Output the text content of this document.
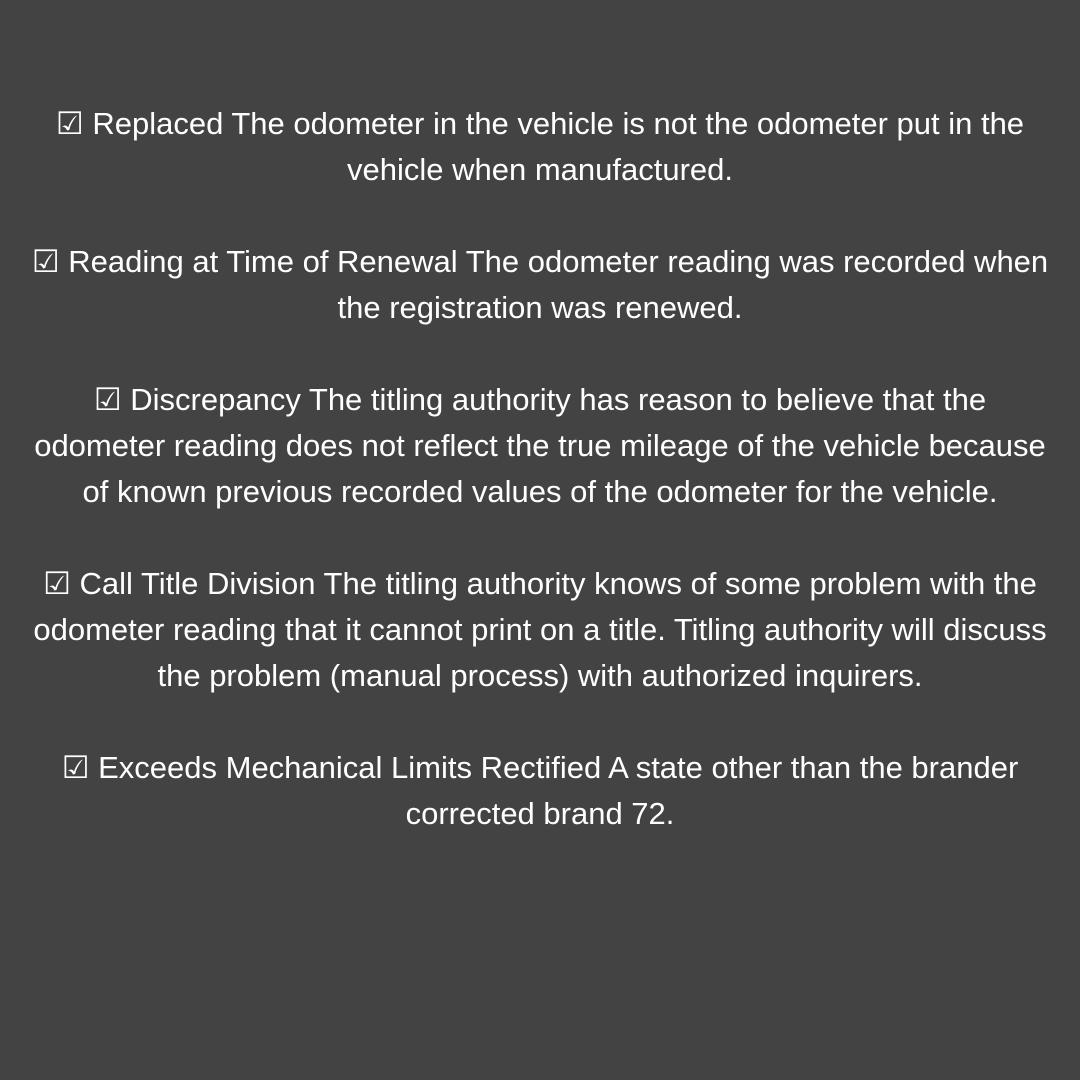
☑ Replaced The odometer in the vehicle is not the odometer put in the vehicle when manufactured.

☑ Reading at Time of Renewal The odometer reading was recorded when the registration was renewed.

☑ Discrepancy The titling authority has reason to believe that the odometer reading does not reflect the true mileage of the vehicle because of known previous recorded values of the odometer for the vehicle.

☑ Call Title Division The titling authority knows of some problem with the odometer reading that it cannot print on a title. Titling authority will discuss the problem (manual process) with authorized inquirers.

☑ Exceeds Mechanical Limits Rectified A state other than the brander corrected brand 72.
